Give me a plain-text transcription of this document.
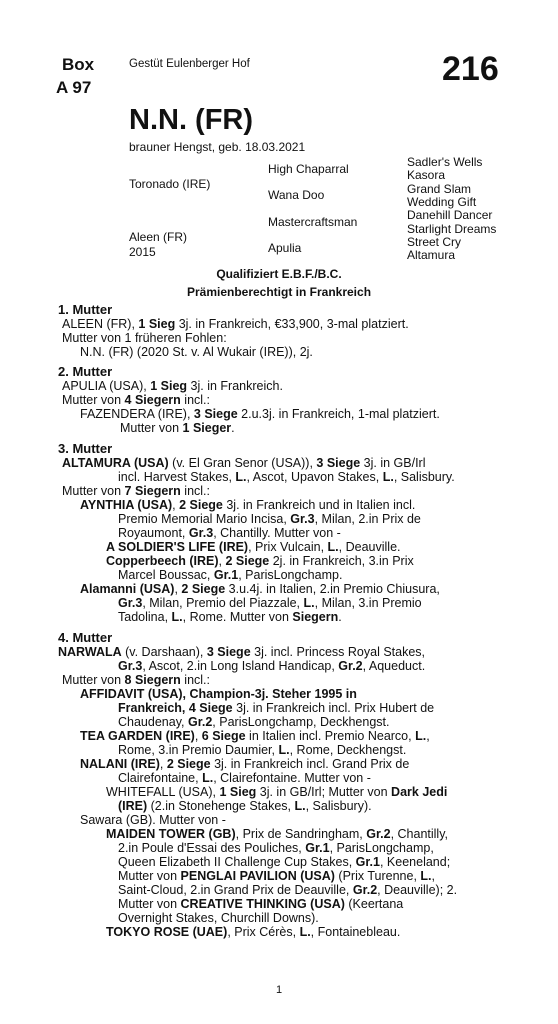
Box
A 97
Gestüt Eulenberger Hof	216
N.N. (FR)
brauner Hengst, geb. 18.03.2021
Toronado (IRE)
Aleen (FR)
2015
High Chaparral
Wana Doo
Mastercraftsman
Apulia
Sadler's Wells
Kasora
Grand Slam
Wedding Gift
Danehill Dancer
Starlight Dreams
Street Cry
Altamura
Qualifiziert E.B.F./B.C.
Prämienberechtigt in Frankreich
1. Mutter
ALEEN (FR), 1 Sieg 3j. in Frankreich, €33,900, 3-mal platziert.
Mutter von 1 früheren Fohlen:
N.N. (FR) (2020 St. v. Al Wukair (IRE)), 2j.
2. Mutter
APULIA (USA), 1 Sieg 3j. in Frankreich.
Mutter von 4 Siegern incl.:
FAZENDERA (IRE), 3 Siege 2.u.3j. in Frankreich, 1-mal platziert.
Mutter von 1 Sieger.
3. Mutter
ALTAMURA (USA) (v. El Gran Senor (USA)), 3 Siege 3j. in GB/Irl
incl. Harvest Stakes, L., Ascot, Upavon Stakes, L., Salisbury.
Mutter von 7 Siegern incl.:
AYNTHIA (USA), 2 Siege 3j. in Frankreich und in Italien incl.
Premio Memorial Mario Incisa, Gr.3, Milan, 2.in Prix de
Royaumont, Gr.3, Chantilly. Mutter von -
A SOLDIER'S LIFE (IRE), Prix Vulcain, L., Deauville.
Copperbeech (IRE), 2 Siege 2j. in Frankreich, 3.in Prix
Marcel Boussac, Gr.1, ParisLongchamp.
Alamanni (USA), 2 Siege 3.u.4j. in Italien, 2.in Premio Chiusura,
Gr.3, Milan, Premio del Piazzale, L., Milan, 3.in Premio
Tadolina, L., Rome. Mutter von Siegern.
4. Mutter
NARWALA (v. Darshaan), 3 Siege 3j. incl. Princess Royal Stakes,
Gr.3, Ascot, 2.in Long Island Handicap, Gr.2, Aqueduct.
Mutter von 8 Siegern incl.:
AFFIDAVIT (USA), Champion-3j. Steher 1995 in
Frankreich, 4 Siege 3j. in Frankreich incl. Prix Hubert de
Chaudenay, Gr.2, ParisLongchamp, Deckhengst.
TEA GARDEN (IRE), 6 Siege in Italien incl. Premio Nearco, L.,
Rome, 3.in Premio Daumier, L., Rome, Deckhengst.
NALANI (IRE), 2 Siege 3j. in Frankreich incl. Grand Prix de
Clairefontaine, L., Clairefontaine. Mutter von -
WHITEFALL (USA), 1 Sieg 3j. in GB/Irl; Mutter von Dark Jedi
(IRE) (2.in Stonehenge Stakes, L., Salisbury).
Sawara (GB). Mutter von -
MAIDEN TOWER (GB), Prix de Sandringham, Gr.2, Chantilly,
2.in Poule d'Essai des Pouliches, Gr.1, ParisLongchamp,
Queen Elizabeth II Challenge Cup Stakes, Gr.1, Keeneland;
Mutter von PENGLAI PAVILION (USA) (Prix Turenne, L.,
Saint-Cloud, 2.in Grand Prix de Deauville, Gr.2, Deauville); 2.
Mutter von CREATIVE THINKING (USA) (Keertana
Overnight Stakes, Churchill Downs).
TOKYO ROSE (UAE), Prix Cérès, L., Fontainebleau.
1
